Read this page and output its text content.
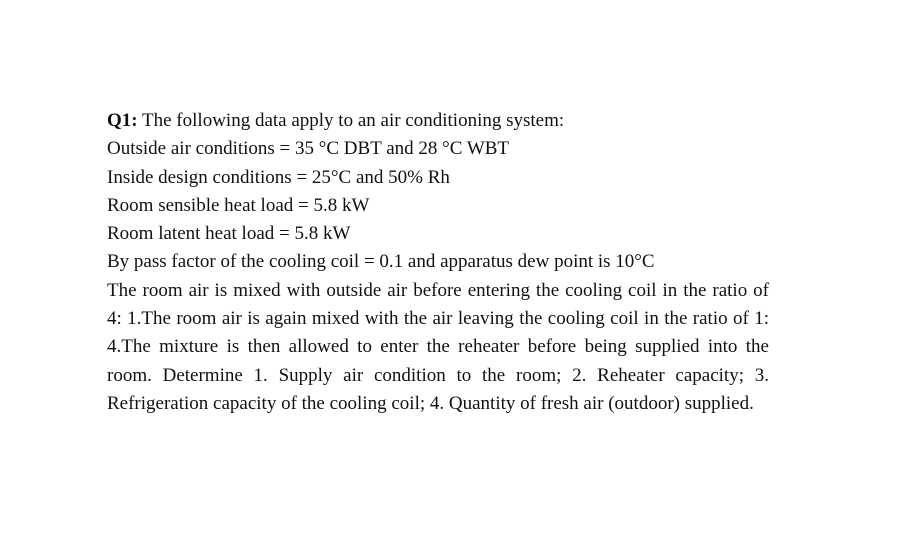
Q1: The following data apply to an air conditioning system:
Outside air conditions = 35 °C DBT and 28 °C WBT
Inside design conditions = 25°C and 50% Rh
Room sensible heat load = 5.8 kW
Room latent heat load = 5.8 kW
By pass factor of the cooling coil = 0.1 and apparatus dew point is 10°C
The room air is mixed with outside air before entering the cooling coil in the ratio of 4: 1.The room air is again mixed with the air leaving the cooling coil in the ratio of 1: 4.The mixture is then allowed to enter the reheater before being supplied into the room. Determine 1. Supply air condition to the room; 2. Reheater capacity; 3. Refrigeration capacity of the cooling coil; 4. Quantity of fresh air (outdoor) supplied.
